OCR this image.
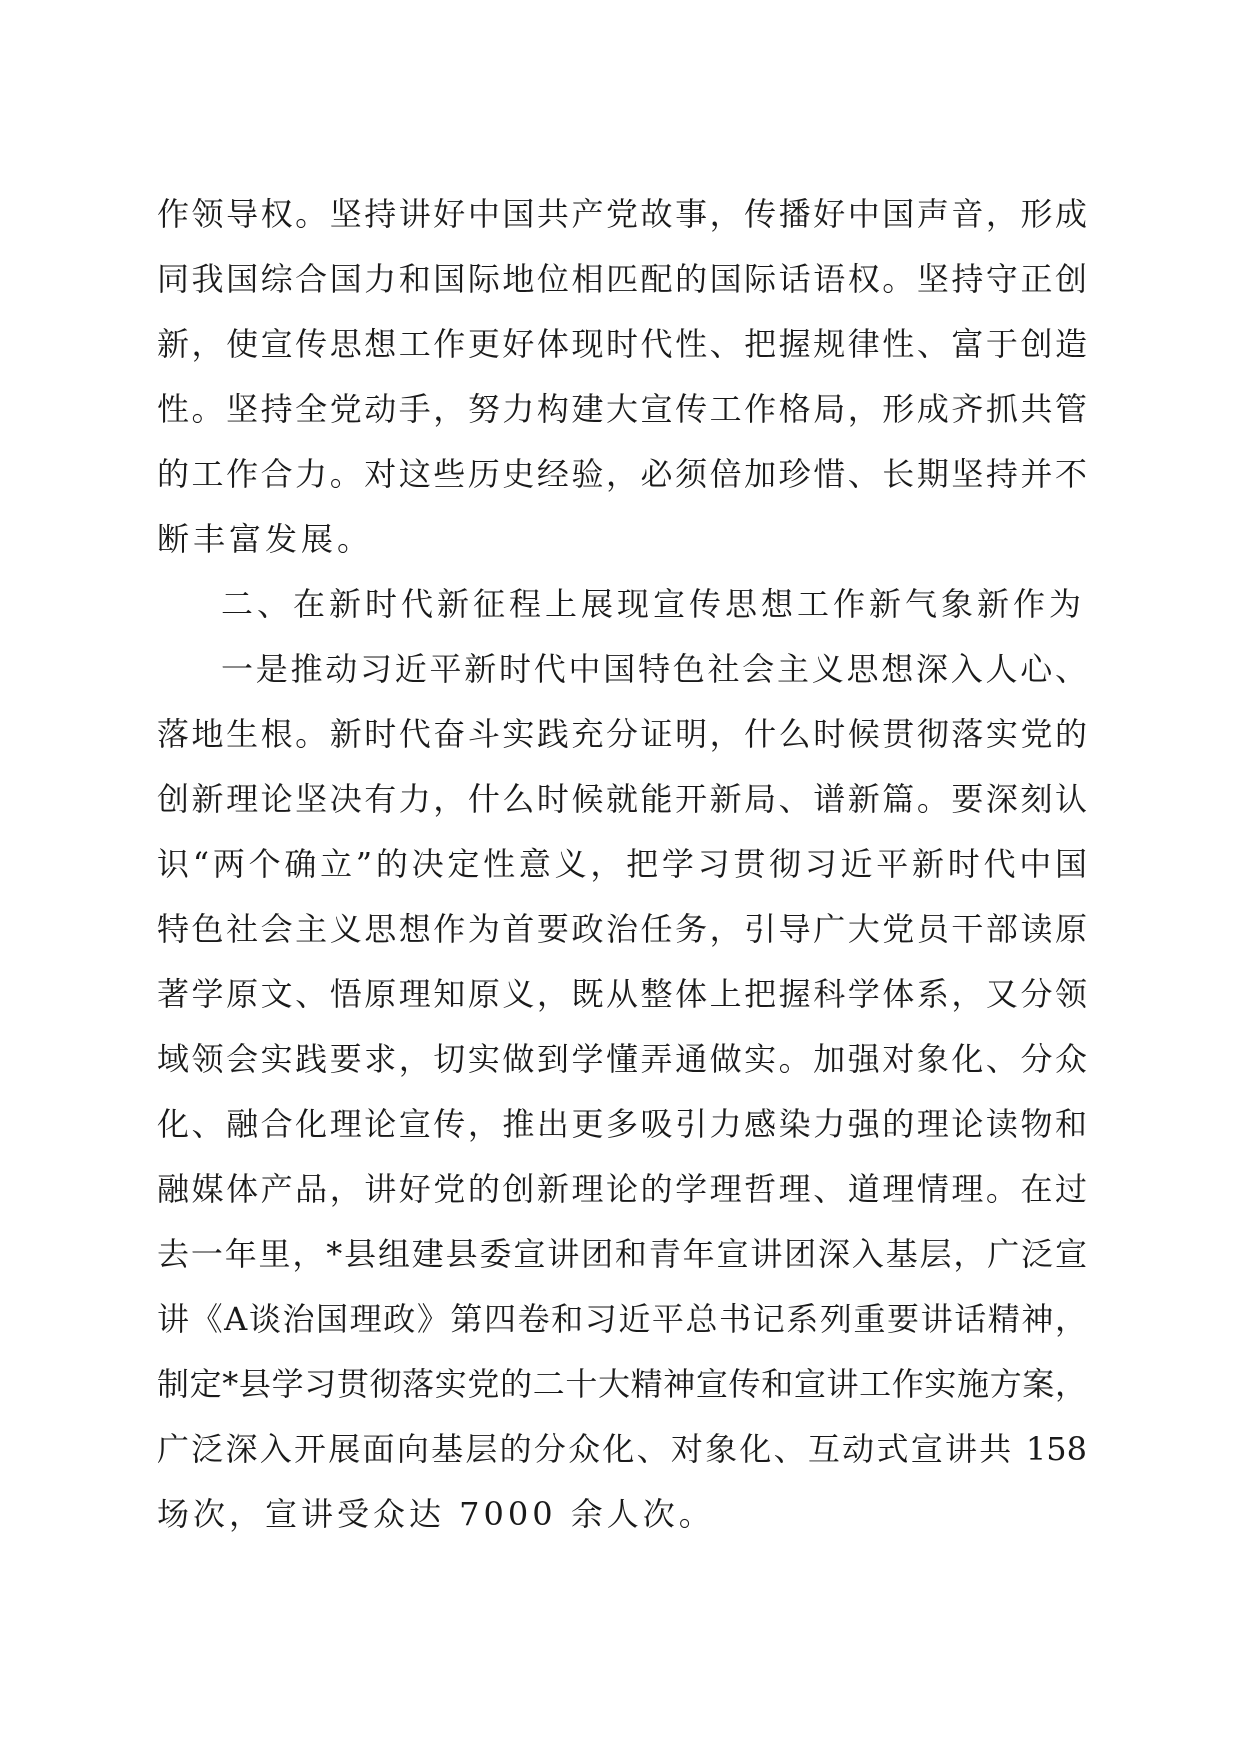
作领导权。坚持讲好中国共产党故事，传播好中国声音，形成
同我国综合国力和国际地位相匹配的国际话语权。坚持守正创
新，使宣传思想工作更好体现时代性、把握规律性、富于创造
性。坚持全党动手，努力构建大宣传工作格局，形成齐抓共管
的工作合力。对这些历史经验，必须倍加珍惜、长期坚持并不
断丰富发展。
二、在新时代新征程上展现宣传思想工作新气象新作为
一是推动习近平新时代中国特色社会主义思想深入人心、
落地生根。新时代奋斗实践充分证明，什么时候贯彻落实党的
创新理论坚决有力，什么时候就能开新局、谱新篇。要深刻认
识“两个确立”的决定性意义，把学习贯彻习近平新时代中国
特色社会主义思想作为首要政治任务，引导广大党员干部读原
著学原文、悟原理知原义，既从整体上把握科学体系，又分领
域领会实践要求，切实做到学懂弄通做实。加强对象化、分众
化、融合化理论宣传，推出更多吸引力感染力强的理论读物和
融媒体产品，讲好党的创新理论的学理哲理、道理情理。在过
去一年里，*县组建县委宣讲团和青年宣讲团深入基层，广泛宣
讲《A谈治国理政》第四卷和习近平总书记系列重要讲话精神，
制定*县学习贯彻落实党的二十大精神宣传和宣讲工作实施方案，
广泛深入开展面向基层的分众化、对象化、互动式宣讲共 158
场次，宣讲受众达 7000 余人次。
